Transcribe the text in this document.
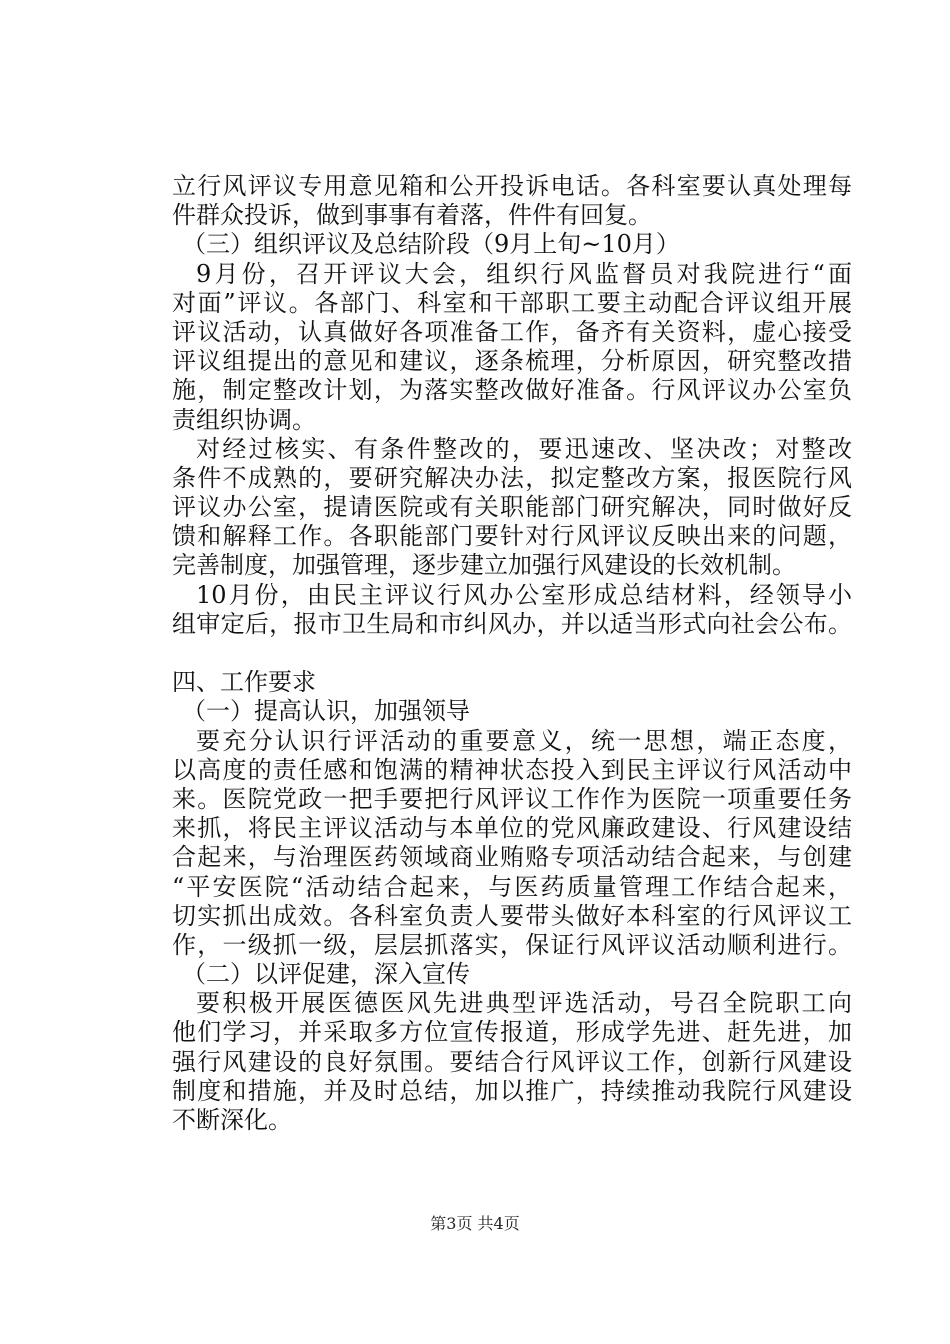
立行风评议专用意见箱和公开投诉电话。各科室要认真处理每
件群众投诉，做到事事有着落，件件有回复。
（三）组织评议及总结阶段（9月上旬~10月）
9月份，召开评议大会，组织行风监督员对我院进行“面
对面”评议。各部门、科室和干部职工要主动配合评议组开展
评议活动，认真做好各项准备工作，备齐有关资料，虚心接受
评议组提出的意见和建议，逐条梳理，分析原因，研究整改措
施，制定整改计划，为落实整改做好准备。行风评议办公室负
责组织协调。
对经过核实、有条件整改的，要迅速改、坚决改；对整改
条件不成熟的，要研究解决办法，拟定整改方案，报医院行风
评议办公室，提请医院或有关职能部门研究解决，同时做好反
馈和解释工作。各职能部门要针对行风评议反映出来的问题，
完善制度，加强管理，逐步建立加强行风建设的长效机制。
10月份，由民主评议行风办公室形成总结材料，经领导小
组审定后，报市卫生局和市纠风办，并以适当形式向社会公布。
四、工作要求
（一）提高认识，加强领导
要充分认识行评活动的重要意义，统一思想，端正态度，
以高度的责任感和饱满的精神状态投入到民主评议行风活动中
来。医院党政一把手要把行风评议工作作为医院一项重要任务
来抓，将民主评议活动与本单位的党风廉政建设、行风建设结
合起来，与治理医药领域商业贿赂专项活动结合起来，与创建
“平安医院“活动结合起来，与医药质量管理工作结合起来，
切实抓出成效。各科室负责人要带头做好本科室的行风评议工
作，一级抓一级，层层抓落实，保证行风评议活动顺利进行。
（二）以评促建，深入宣传
要积极开展医德医风先进典型评选活动，号召全院职工向
他们学习，并采取多方位宣传报道，形成学先进、赶先进，加
强行风建设的良好氛围。要结合行风评议工作，创新行风建设
制度和措施，并及时总结，加以推广，持续推动我院行风建设
不断深化。
第3页 共4页
